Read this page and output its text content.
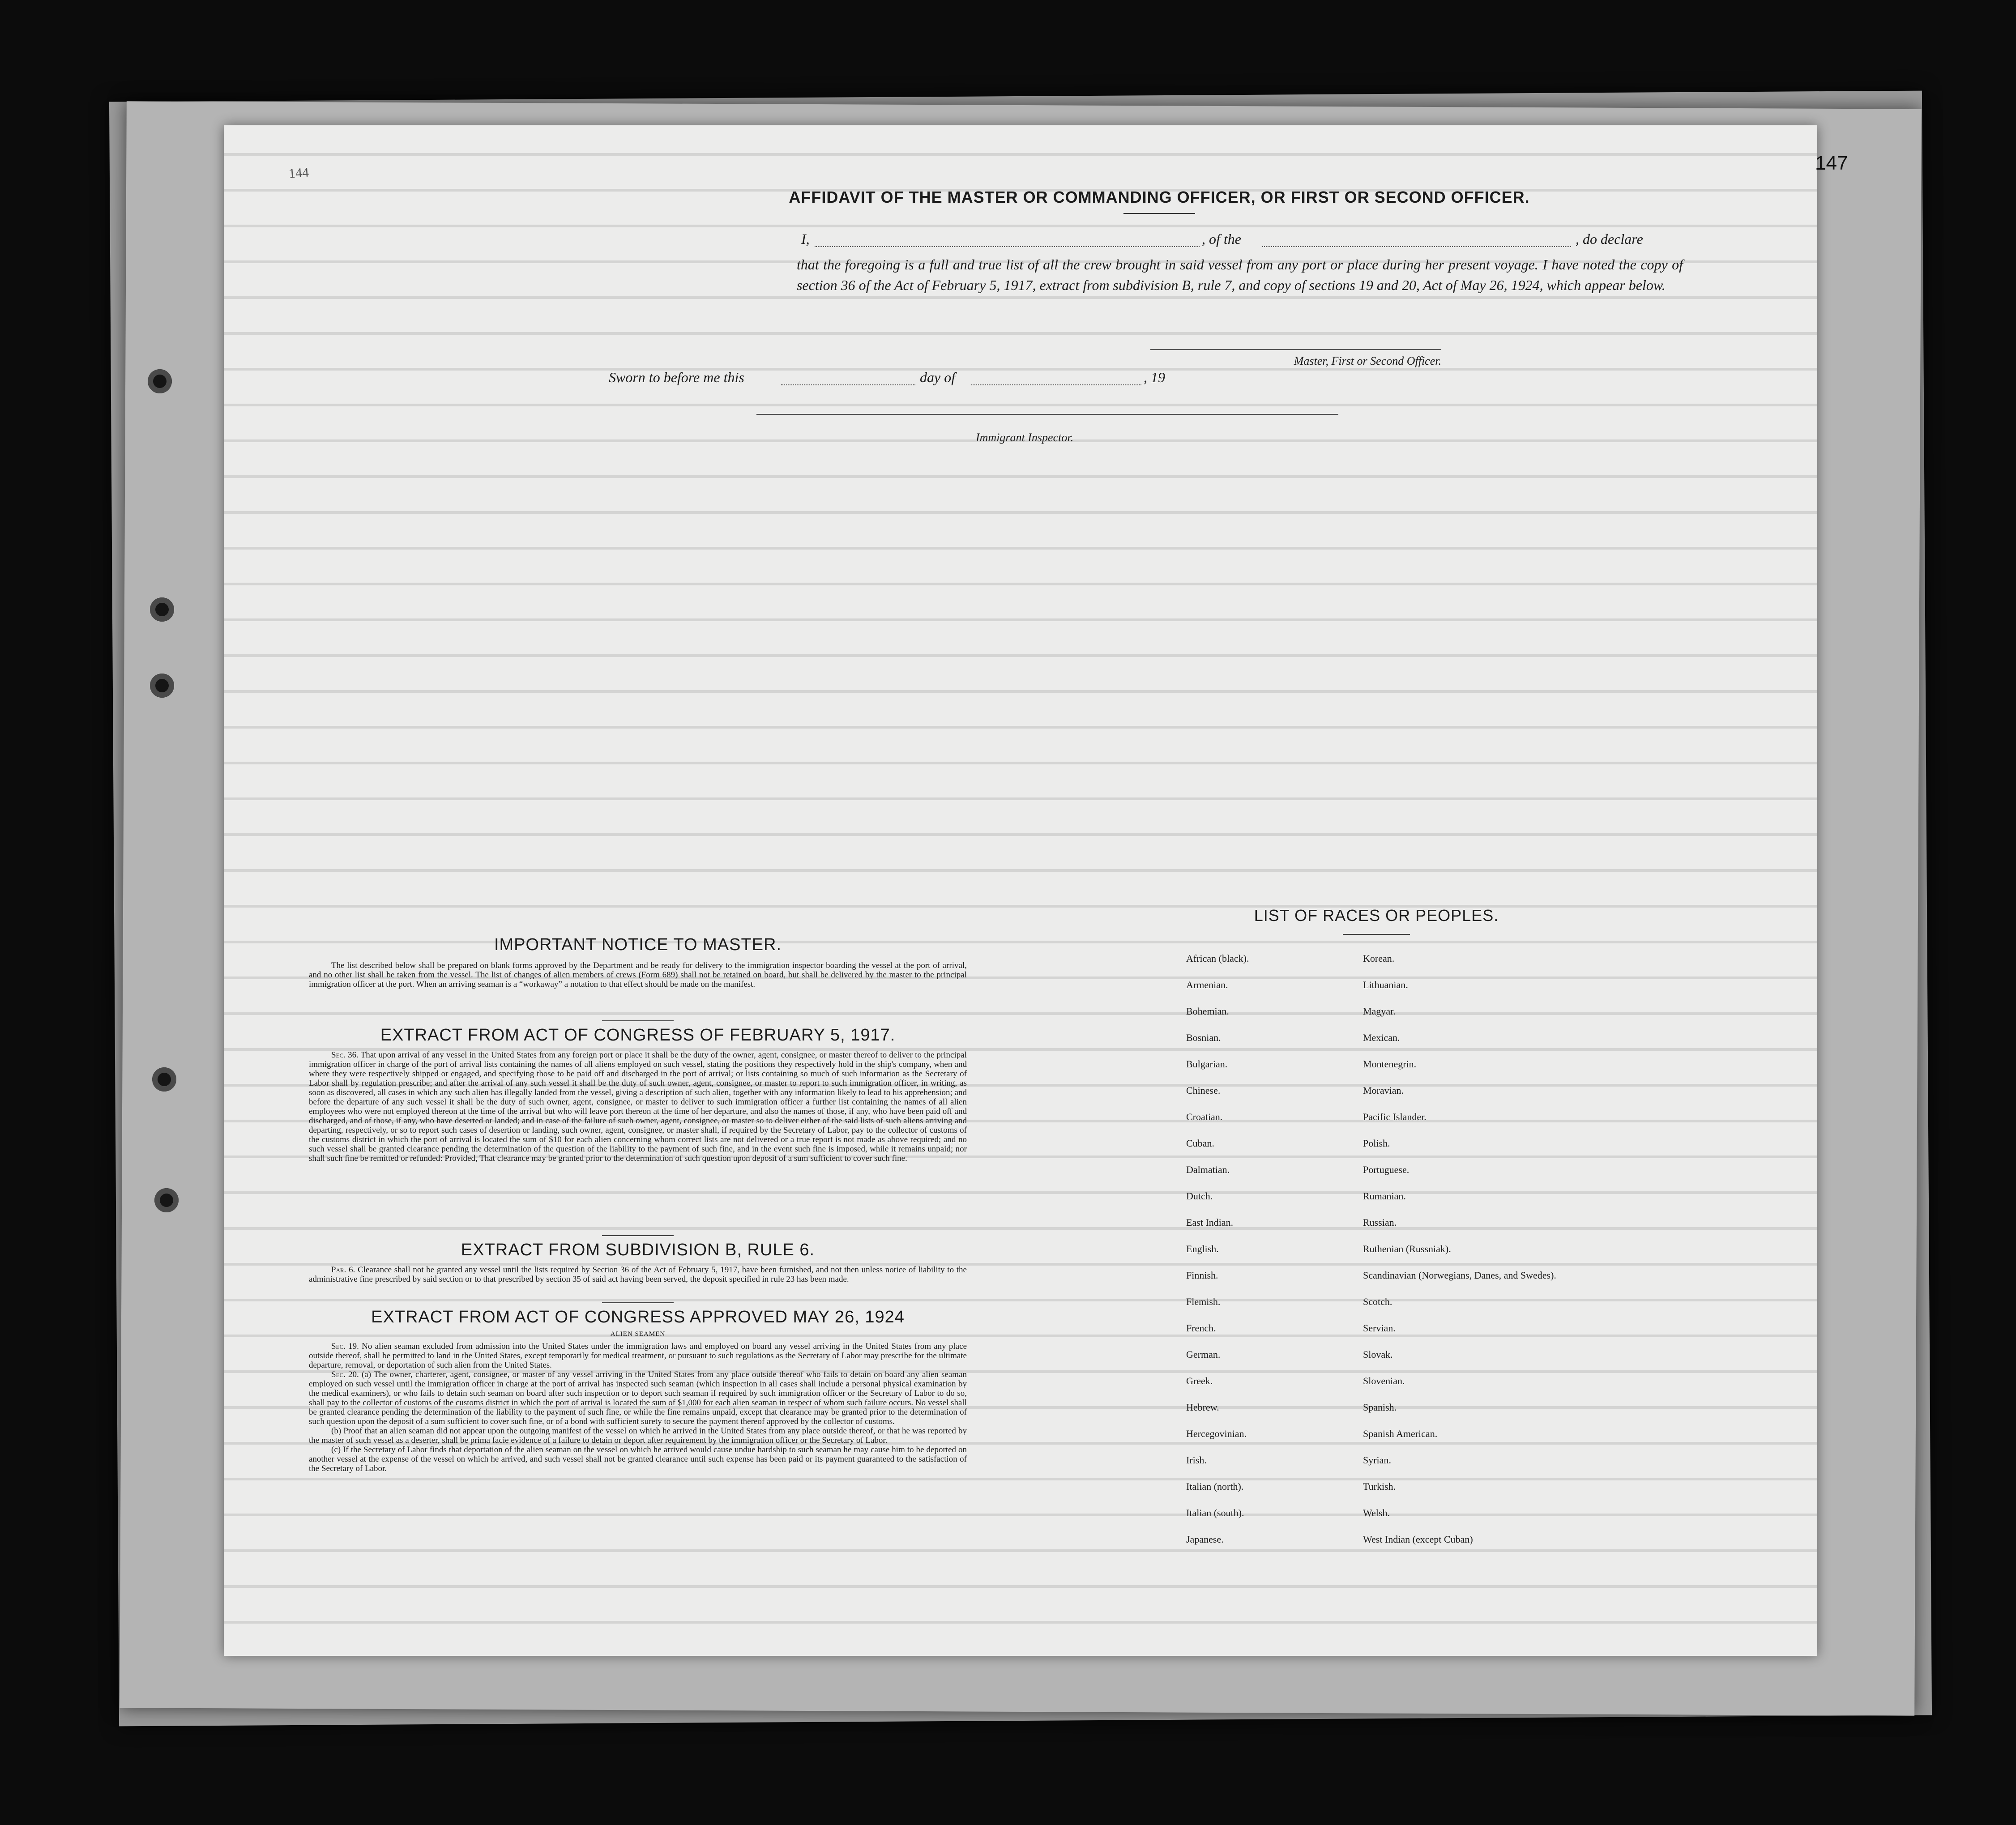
144
AFFIDAVIT OF THE MASTER OR COMMANDING OFFICER, OR FIRST OR SECOND OFFICER.
I,	, of the	, do declare
that the foregoing is a full and true list of all the crew brought in said vessel from any port or place during her present voyage. I have noted the copy of section 36 of the Act of February 5, 1917, extract from subdivision B, rule 7, and copy of sections 19 and 20, Act of May 26, 1924, which appear below.
Master, First or Second Officer.
Sworn to before me this	day of	, 19
Immigrant Inspector.
IMPORTANT NOTICE TO MASTER.
The list described below shall be prepared on blank forms approved by the Department and be ready for delivery to the immigration inspector boarding the vessel at the port of arrival, and no other list shall be taken from the vessel. The list of changes of alien members of crews (Form 689) shall not be retained on board, but shall be delivered by the master to the principal immigration officer at the port. When an arriving seaman is a “workaway” a notation to that effect should be made on the manifest.
EXTRACT FROM ACT OF CONGRESS OF FEBRUARY 5, 1917.
Sec. 36. That upon arrival of any vessel in the United States from any foreign port or place it shall be the duty of the owner, agent, consignee, or master thereof to deliver to the principal immigration officer in charge of the port of arrival lists containing the names of all aliens employed on such vessel, stating the positions they respectively hold in the ship's company, when and where they were respectively shipped or engaged, and specifying those to be paid off and discharged in the port of arrival; or lists containing so much of such information as the Secretary of Labor shall by regulation prescribe; and after the arrival of any such vessel it shall be the duty of such owner, agent, consignee, or master to report to such immigration officer, in writing, as soon as discovered, all cases in which any such alien has illegally landed from the vessel, giving a description of such alien, together with any information likely to lead to his apprehension; and before the departure of any such vessel it shall be the duty of such owner, agent, consignee, or master to deliver to such immigration officer a further list containing the names of all alien employees who were not employed thereon at the time of the arrival but who will leave port thereon at the time of her departure, and also the names of those, if any, who have been paid off and discharged, and of those, if any, who have deserted or landed; and in case of the failure of such owner, agent, consignee, or master so to deliver either of the said lists of such aliens arriving and departing, respectively, or so to report such cases of desertion or landing, such owner, agent, consignee, or master shall, if required by the Secretary of Labor, pay to the collector of customs of the customs district in which the port of arrival is located the sum of $10 for each alien concerning whom correct lists are not delivered or a true report is not made as above required; and no such vessel shall be granted clearance pending the determination of the question of the liability to the payment of such fine, and in the event such fine is imposed, while it remains unpaid; nor shall such fine be remitted or refunded: Provided, That clearance may be granted prior to the determination of such question upon deposit of a sum sufficient to cover such fine.
EXTRACT FROM SUBDIVISION B, RULE 6.
Par. 6. Clearance shall not be granted any vessel until the lists required by Section 36 of the Act of February 5, 1917, have been furnished, and not then unless notice of liability to the administrative fine prescribed by said section or to that prescribed by section 35 of said act having been served, the deposit specified in rule 23 has been made.
EXTRACT FROM ACT OF CONGRESS APPROVED MAY 26, 1924
ALIEN SEAMEN
Sec. 19. No alien seaman excluded from admission into the United States under the immigration laws and employed on board any vessel arriving in the United States from any place outside thereof, shall be permitted to land in the United States, except temporarily for medical treatment, or pursuant to such regulations as the Secretary of Labor may prescribe for the ultimate departure, removal, or deportation of such alien from the United States.
Sec. 20. (a) The owner, charterer, agent, consignee, or master of any vessel arriving in the United States from any place outside thereof who fails to detain on board any alien seaman employed on such vessel until the immigration officer in charge at the port of arrival has inspected such seaman (which inspection in all cases shall include a personal physical examination by the medical examiners), or who fails to detain such seaman on board after such inspection or to deport such seaman if required by such immigration officer or the Secretary of Labor to do so, shall pay to the collector of customs of the customs district in which the port of arrival is located the sum of $1,000 for each alien seaman in respect of whom such failure occurs. No vessel shall be granted clearance pending the determination of the liability to the payment of such fine, or while the fine remains unpaid, except that clearance may be granted prior to the determination of such question upon the deposit of a sum sufficient to cover such fine, or of a bond with sufficient surety to secure the payment thereof approved by the collector of customs.
(b) Proof that an alien seaman did not appear upon the outgoing manifest of the vessel on which he arrived in the United States from any place outside thereof, or that he was reported by the master of such vessel as a deserter, shall be prima facie evidence of a failure to detain or deport after requirement by the immigration officer or the Secretary of Labor.
(c) If the Secretary of Labor finds that deportation of the alien seaman on the vessel on which he arrived would cause undue hardship to such seaman he may cause him to be deported on another vessel at the expense of the vessel on which he arrived, and such vessel shall not be granted clearance until such expense has been paid or its payment guaranteed to the satisfaction of the Secretary of Labor.
LIST OF RACES OR PEOPLES.
African (black).	Korean.
Armenian.	Lithuanian.
Bohemian.	Magyar.
Bosnian.	Mexican.
Bulgarian.	Montenegrin.
Chinese.	Moravian.
Croatian.	Pacific Islander.
Cuban.	Polish.
Dalmatian.	Portuguese.
Dutch.	Rumanian.
East Indian.	Russian.
English.	Ruthenian (Russniak).
Finnish.	Scandinavian (Norwegians, Danes, and Swedes).
Flemish.	Scotch.
French.	Servian.
German.	Slovak.
Greek.	Slovenian.
Hebrew.	Spanish.
Hercegovinian.	Spanish American.
Irish.	Syrian.
Italian (north).	Turkish.
Italian (south).	Welsh.
Japanese.	West Indian (except Cuban)
147
